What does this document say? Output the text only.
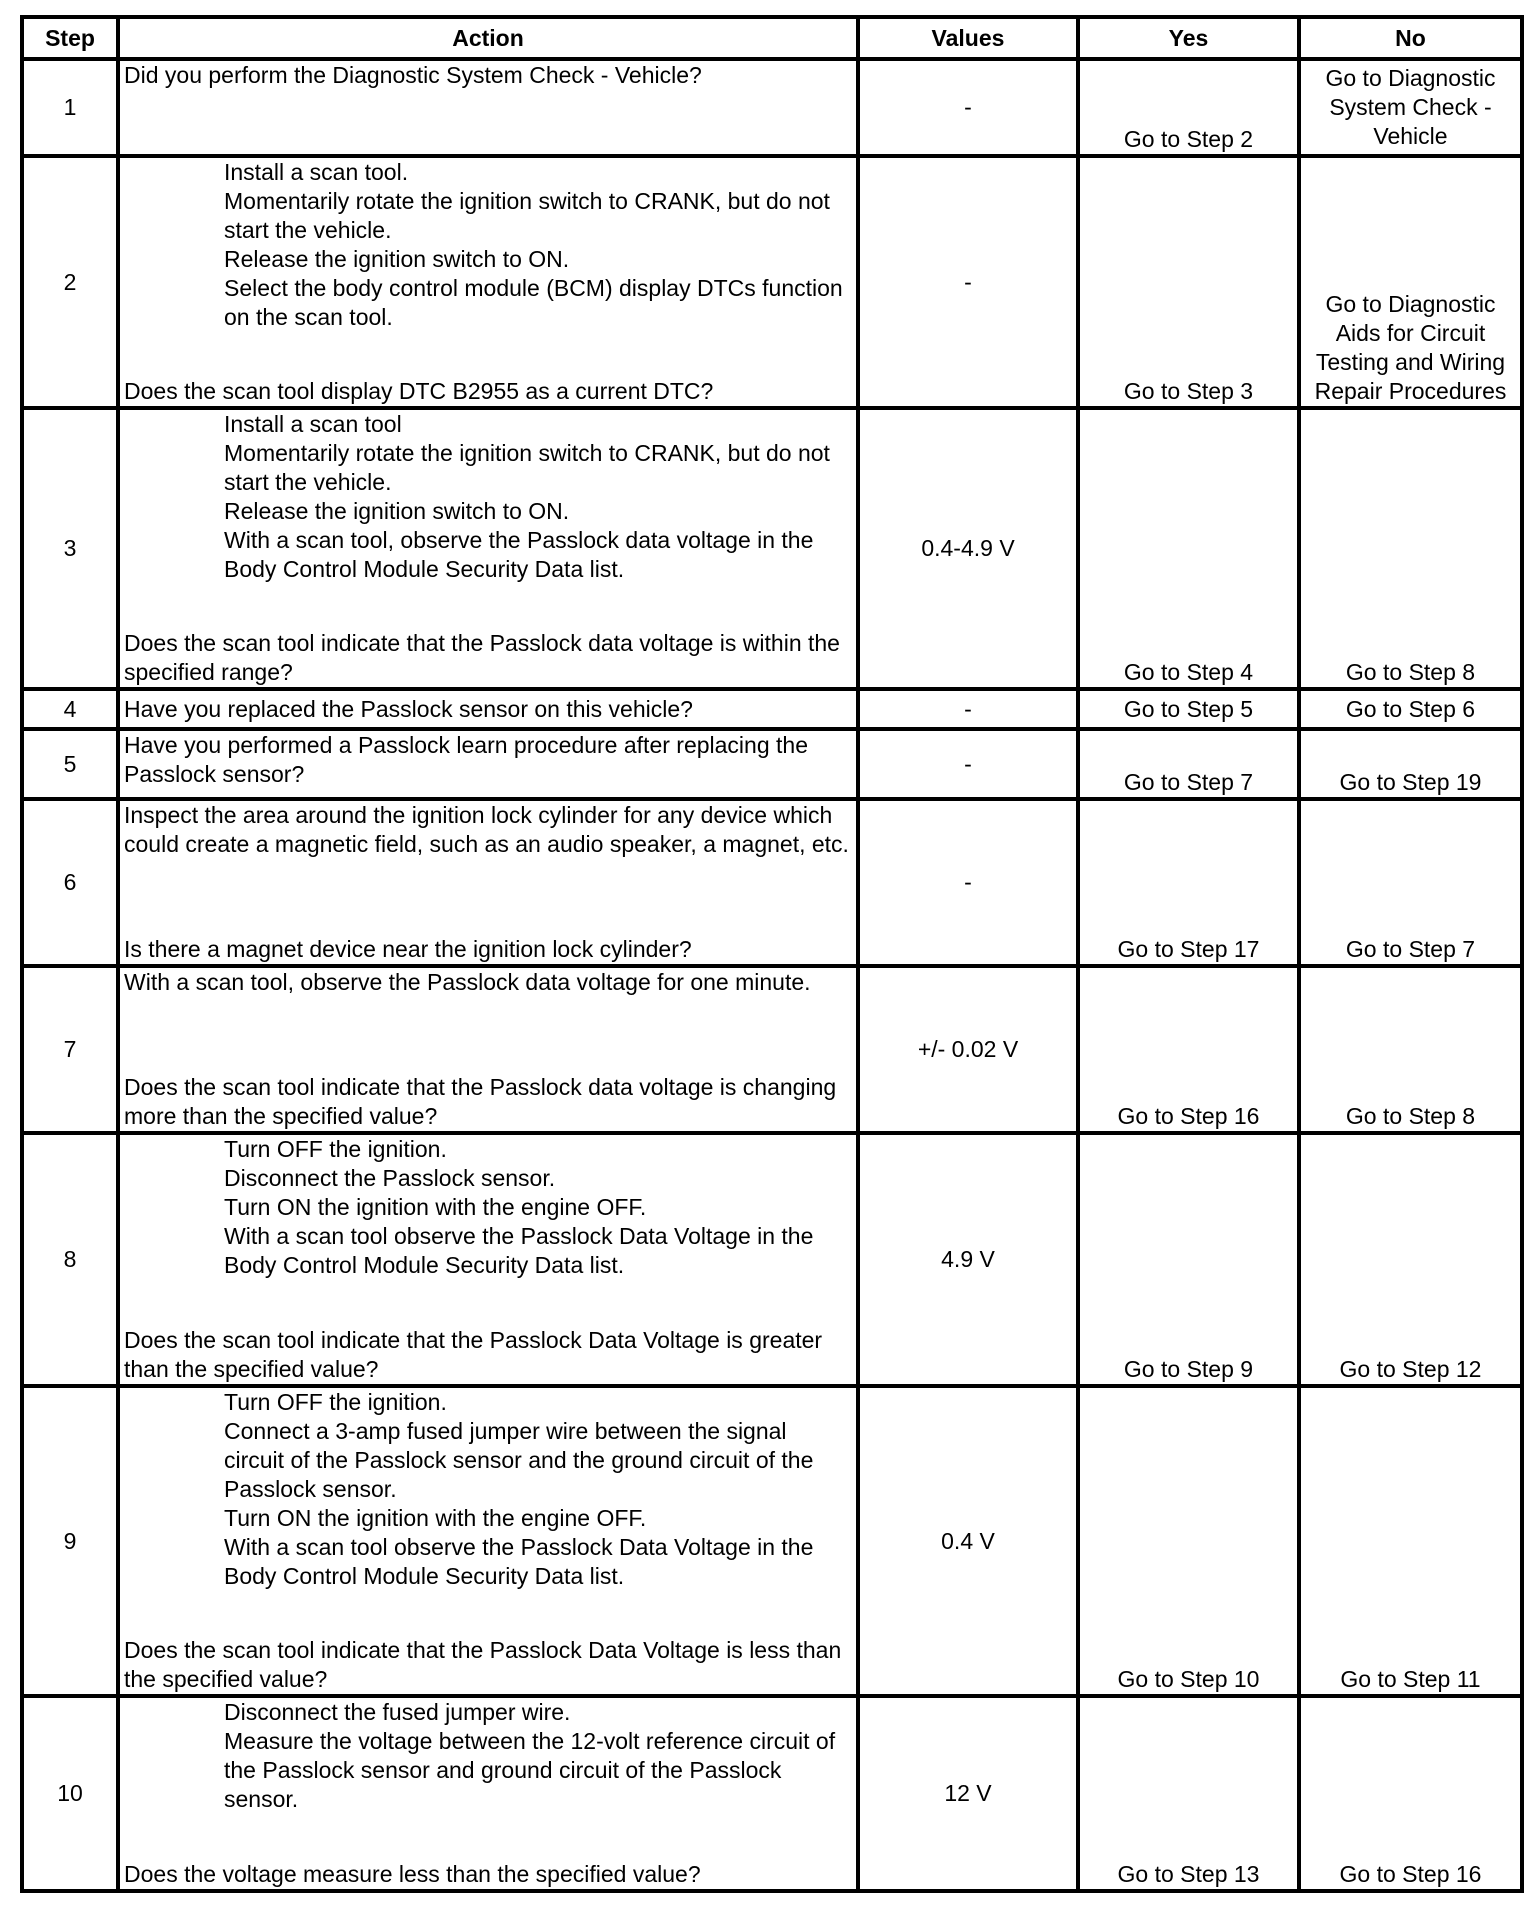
Step	Action	Values	Yes	No
1	Did you perform the Diagnostic System Check - Vehicle?	-	Go to Step 2	Go to Diagnostic System Check - Vehicle
2	Install a scan tool.
Momentarily rotate the ignition switch to CRANK, but do not start the vehicle.
Release the ignition switch to ON.
Select the body control module (BCM) display DTCs function on the scan tool.
Does the scan tool display DTC B2955 as a current DTC?	-	Go to Step 3	Go to Diagnostic Aids for Circuit Testing and Wiring Repair Procedures
3	Install a scan tool
Momentarily rotate the ignition switch to CRANK, but do not start the vehicle.
Release the ignition switch to ON.
With a scan tool, observe the Passlock data voltage in the Body Control Module Security Data list.
Does the scan tool indicate that the Passlock data voltage is within the specified range?	0.4-4.9 V	Go to Step 4	Go to Step 8
4	Have you replaced the Passlock sensor on this vehicle?	-	Go to Step 5	Go to Step 6
5	Have you performed a Passlock learn procedure after replacing the Passlock sensor?	-	Go to Step 7	Go to Step 19
6	Inspect the area around the ignition lock cylinder for any device which could create a magnetic field, such as an audio speaker, a magnet, etc.
Is there a magnet device near the ignition lock cylinder?	-	Go to Step 17	Go to Step 7
7	With a scan tool, observe the Passlock data voltage for one minute.
Does the scan tool indicate that the Passlock data voltage is changing more than the specified value?	+/- 0.02 V	Go to Step 16	Go to Step 8
8	Turn OFF the ignition.
Disconnect the Passlock sensor.
Turn ON the ignition with the engine OFF.
With a scan tool observe the Passlock Data Voltage in the Body Control Module Security Data list.
Does the scan tool indicate that the Passlock Data Voltage is greater than the specified value?	4.9 V	Go to Step 9	Go to Step 12
9	Turn OFF the ignition.
Connect a 3-amp fused jumper wire between the signal circuit of the Passlock sensor and the ground circuit of the Passlock sensor.
Turn ON the ignition with the engine OFF.
With a scan tool observe the Passlock Data Voltage in the Body Control Module Security Data list.
Does the scan tool indicate that the Passlock Data Voltage is less than the specified value?	0.4 V	Go to Step 10	Go to Step 11
10	Disconnect the fused jumper wire.
Measure the voltage between the 12-volt reference circuit of the Passlock sensor and ground circuit of the Passlock sensor.
Does the voltage measure less than the specified value?	12 V	Go to Step 13	Go to Step 16
